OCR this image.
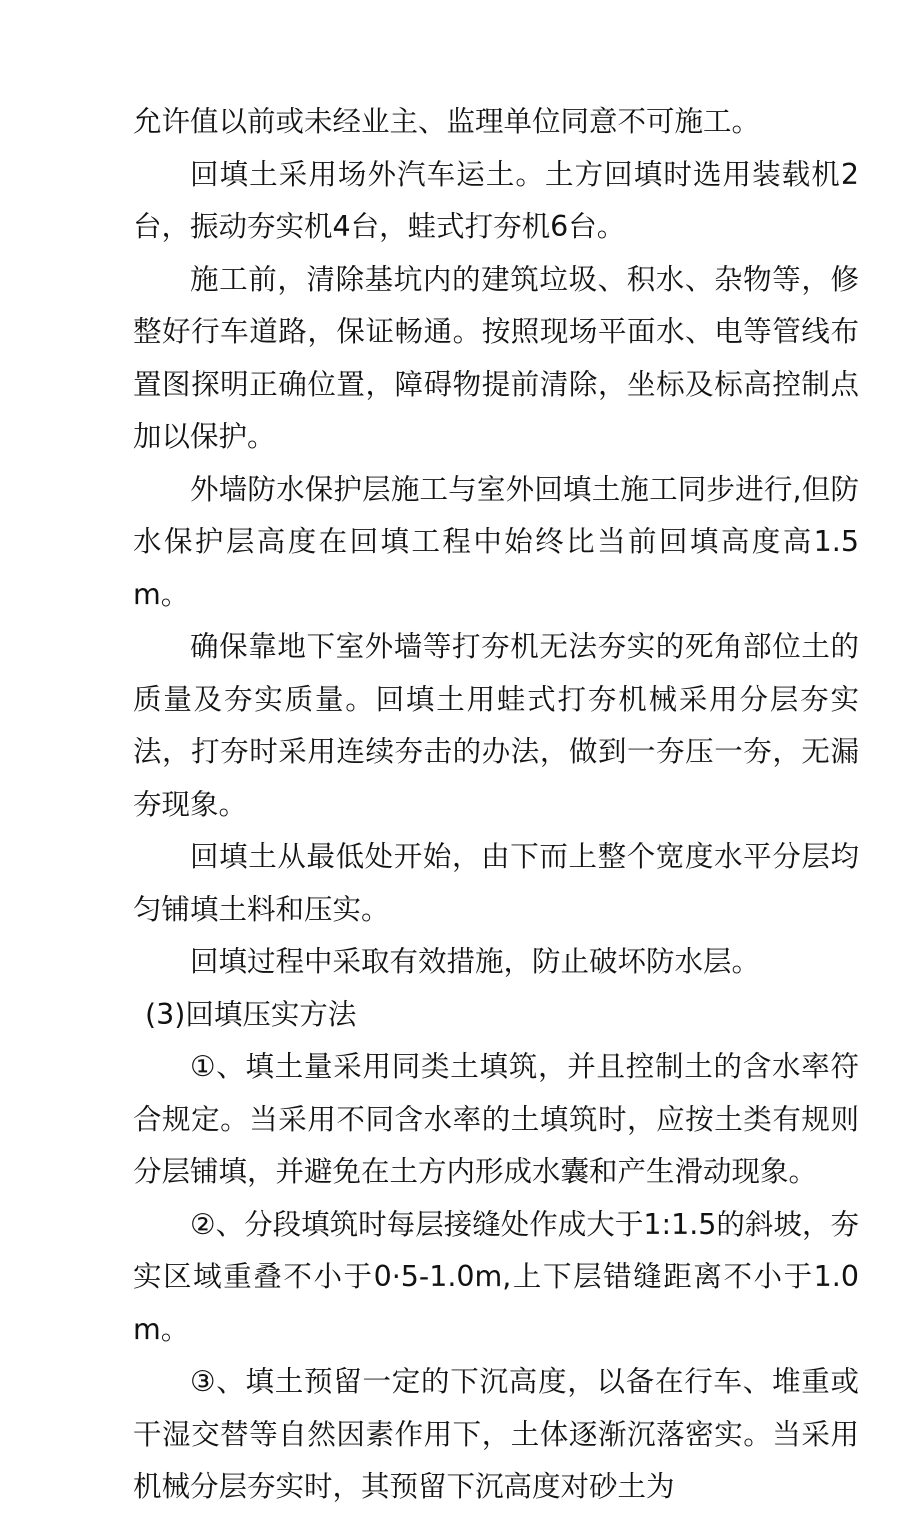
允许值以前或未经业主、监理单位同意不可施工。

回填土采用场外汽车运土。土方回填时选用装载机2台，振动夯实机4台，蛙式打夯机6台。

施工前，清除基坑内的建筑垃圾、积水、杂物等，修整好行车道路，保证畅通。按照现场平面水、电等管线布置图探明正确位置，障碍物提前清除，坐标及标高控制点加以保护。

外墙防水保护层施工与室外回填土施工同步进行,但防水保护层高度在回填工程中始终比当前回填高度高1.5m。

确保靠地下室外墙等打夯机无法夯实的死角部位土的质量及夯实质量。回填土用蛙式打夯机械采用分层夯实法，打夯时采用连续夯击的办法，做到一夯压一夯，无漏夯现象。

回填土从最低处开始，由下而上整个宽度水平分层均匀铺填土料和压实。

回填过程中采取有效措施，防止破坏防水层。

(3)回填压实方法

①、填土量采用同类土填筑，并且控制土的含水率符合规定。当采用不同含水率的土填筑时，应按土类有规则分层铺填，并避免在土方内形成水囊和产生滑动现象。

②、分段填筑时每层接缝处作成大于1:1.5的斜坡，夯实区域重叠不小于0·5-1.0m,上下层错缝距离不小于1.0m。

③、填土预留一定的下沉高度，以备在行车、堆重或干湿交替等自然因素作用下，土体逐渐沉落密实。当采用机械分层夯实时，其预留下沉高度对砂土为
